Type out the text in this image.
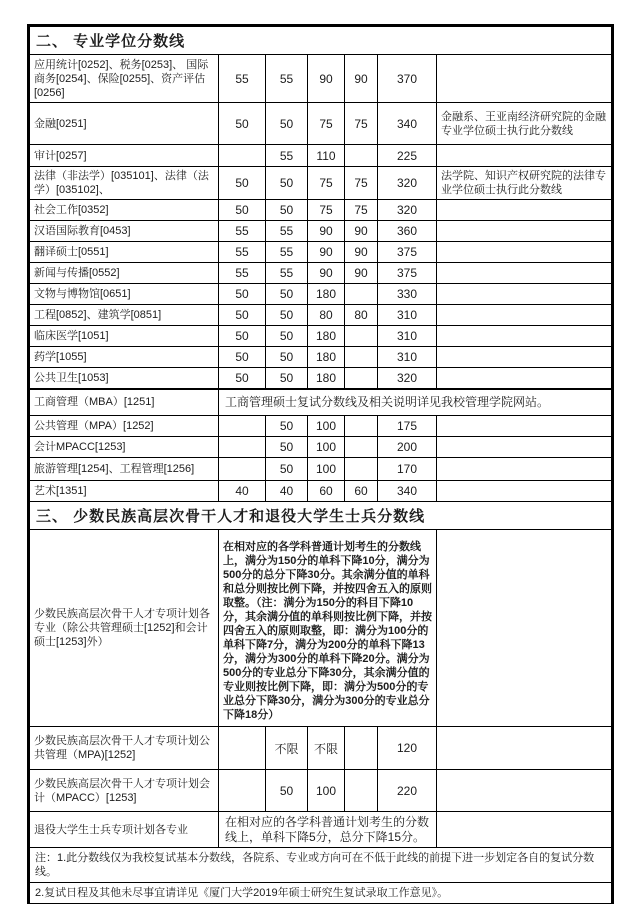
二、 专业学位分数线						
应用统计[0252]、税务[0253]、 国际商务[0254]、保险[0255]、资产评估[0256]	55	55	90	90	370	
金融[0251]	50	50	75	75	340	金融系、王亚南经济研究院的金融专业学位硕士执行此分数线
审计[0257]		55	110		225	
法律（非法学）[035101]、法律（法学）[035102]、	50	50	75	75	320	法学院、知识产权研究院的法律专业学位硕士执行此分数线
社会工作[0352]	50	50	75	75	320	
汉语国际教育[0453]	55	55	90	90	360	
翻译硕士[0551]	55	55	90	90	375	
新闻与传播[0552]	55	55	90	90	375	
文物与博物馆[0651]	50	50	180		330	
工程[0852]、建筑学[0851]	50	50	80	80	310	
临床医学[1051]	50	50	180		310	
药学[1055]	50	50	180		310	
公共卫生[1053]	50	50	180		320	
工商管理（MBA）[1251]	工商管理硕士复试分数线及相关说明详见我校管理学院网站。					
公共管理（MPA）[1252]		50	100		175	
会计MPACC[1253]		50	100		200	
旅游管理[1254]、工程管理[1256]		50	100		170	
艺术[1351]	40	40	60	60	340	
三、 少数民族高层次骨干人才和退役大学生士兵分数线						
少数民族高层次骨干人才专项计划各专业（除公共管理硕士[1252]和会计硕士[1253]外）	在相对应的各学科普通计划考生的分数线上，满分为150分的单科下降10分，满分为500分的总分下降30分。其余满分值的单科和总分则按比例下降，并按四舍五入的原则取整。（注：满分为150分的科目下降10分，其余满分值的单科则按比例下降，并按四舍五入的原则取整，即：满分为100分的单科下降7分，满分为200分的单科下降13分，满分为300分的单科下降20分。满分为500分的专业总分下降30分，其余满分值的专业则按比例下降，即：满分为500分的专业总分下降30分，满分为300分的专业总分下降18分）					
少数民族高层次骨干人才专项计划公共管理（MPA)[1252]		不限	不限		120	
少数民族高层次骨干人才专项计划会计（MPACC）[1253]		50	100		220	
退役大学生士兵专项计划各专业	在相对应的各学科普通计划考生的分数线上，单科下降5分，总分下降15分。					
注：1.此分数线仅为我校复试基本分数线，各院系、专业或方向可在不低于此线的前提下进一步划定各自的复试分数线。						
2.复试日程及其他未尽事宜请详见《厦门大学2019年硕士研究生复试录取工作意见》。						
